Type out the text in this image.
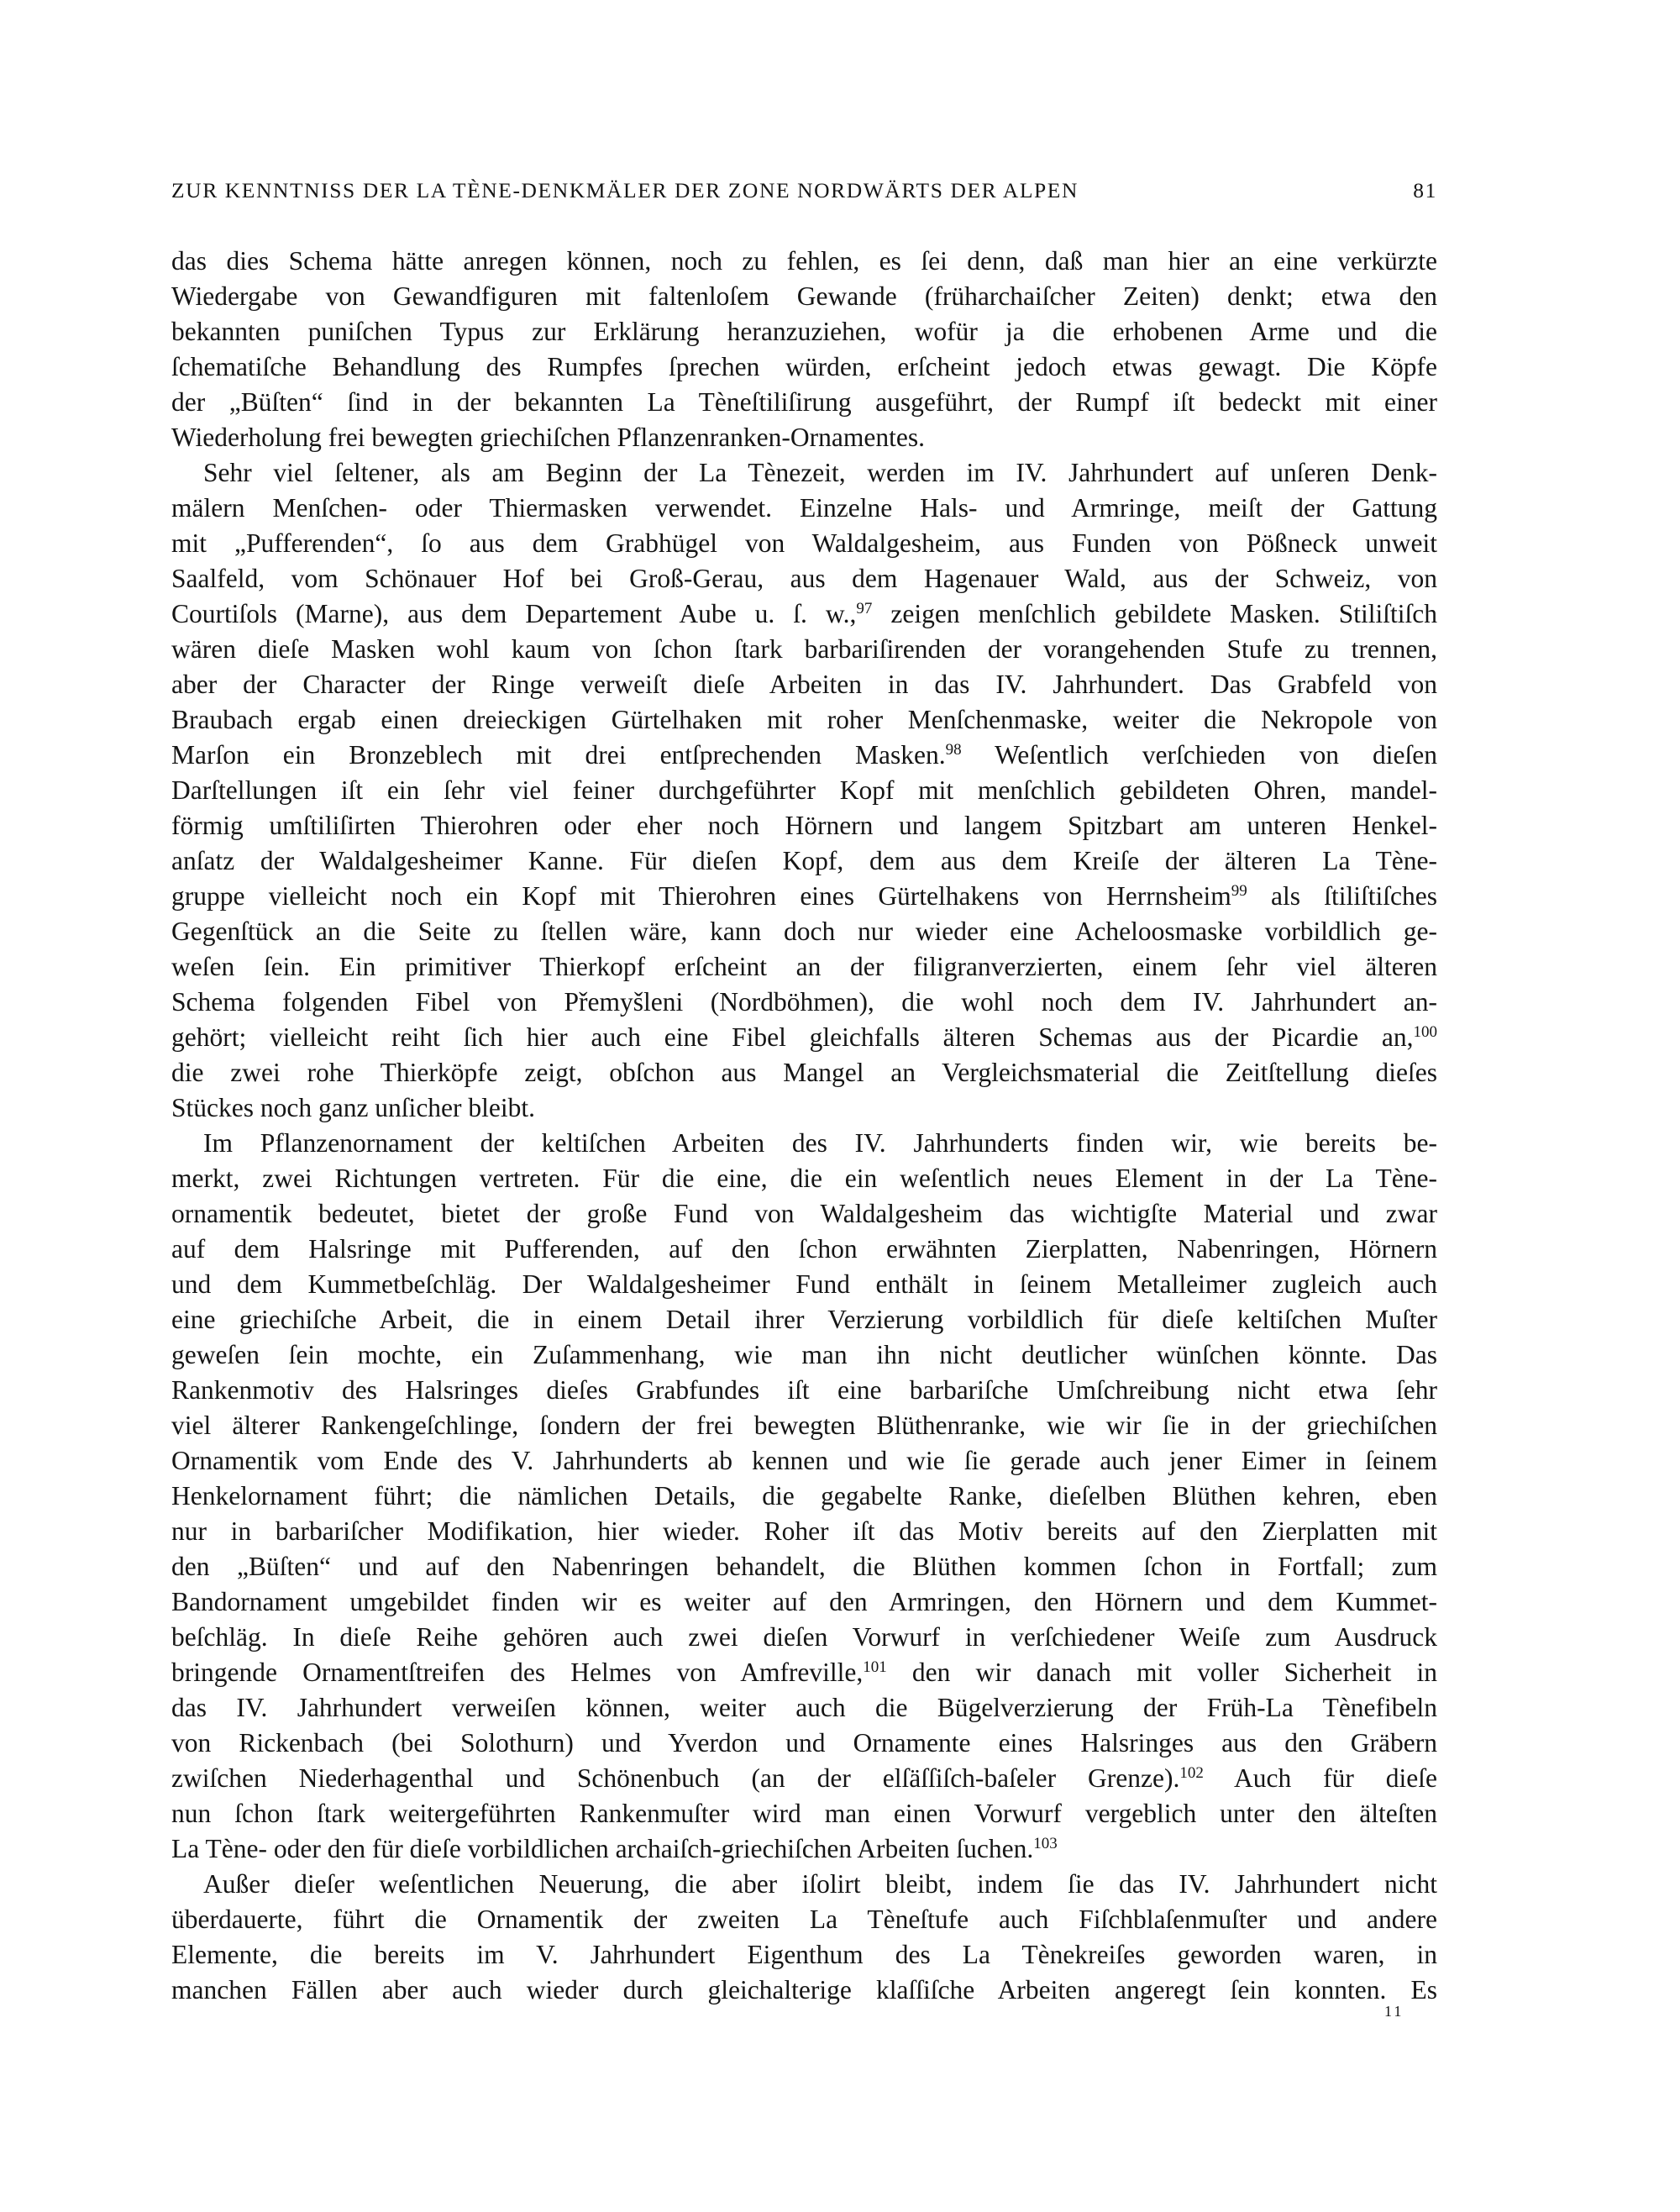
ZUR KENNTNISS DER LA TÈNE-DENKMÄLER DER ZONE NORDWÄRTS DER ALPEN	81
das dies Schema hätte anregen können, noch zu fehlen, es ſei denn, daß man hier an eine verkürzte
Wiedergabe von Gewandfiguren mit faltenloſem Gewande (früharchaiſcher Zeiten) denkt; etwa den
bekannten puniſchen Typus zur Erklärung heranzuziehen, wofür ja die erhobenen Arme und die
ſchematiſche Behandlung des Rumpfes ſprechen würden, erſcheint jedoch etwas gewagt. Die Köpfe
der „Büſten“ ſind in der bekannten La Tèneſtiliſirung ausgeführt, der Rumpf iſt bedeckt mit einer
Wiederholung frei bewegten griechiſchen Pflanzenranken-Ornamentes.
Sehr viel ſeltener, als am Beginn der La Tènezeit, werden im IV. Jahrhundert auf unſeren Denk-
mälern Menſchen- oder Thiermasken verwendet. Einzelne Hals- und Armringe, meiſt der Gattung
mit „Pufferenden“, ſo aus dem Grabhügel von Waldalgesheim, aus Funden von Pößneck unweit
Saalfeld, vom Schönauer Hof bei Groß-Gerau, aus dem Hagenauer Wald, aus der Schweiz, von
Courtiſols (Marne), aus dem Departement Aube u. ſ. w.,$^{97}$ zeigen menſchlich gebildete Masken. Stiliſtiſch
wären dieſe Masken wohl kaum von ſchon ſtark barbariſirenden der vorangehenden Stufe zu trennen,
aber der Character der Ringe verweiſt dieſe Arbeiten in das IV. Jahrhundert. Das Grabfeld von
Braubach ergab einen dreieckigen Gürtelhaken mit roher Menſchenmaske, weiter die Nekropole von
Marſon ein Bronzeblech mit drei entſprechenden Masken.$^{98}$ Weſentlich verſchieden von dieſen
Darſtellungen iſt ein ſehr viel feiner durchgeführter Kopf mit menſchlich gebildeten Ohren, mandel-
förmig umſtiliſirten Thierohren oder eher noch Hörnern und langem Spitzbart am unteren Henkel-
anſatz der Waldalgesheimer Kanne. Für dieſen Kopf, dem aus dem Kreiſe der älteren La Tène-
gruppe vielleicht noch ein Kopf mit Thierohren eines Gürtelhakens von Herrnsheim$^{99}$ als ſtiliſtiſches
Gegenſtück an die Seite zu ſtellen wäre, kann doch nur wieder eine Acheloosmaske vorbildlich ge-
weſen ſein. Ein primitiver Thierkopf erſcheint an der filigranverzierten, einem ſehr viel älteren
Schema folgenden Fibel von Přemyšleni (Nordböhmen), die wohl noch dem IV. Jahrhundert an-
gehört; vielleicht reiht ſich hier auch eine Fibel gleichfalls älteren Schemas aus der Picardie an,$^{100}$
die zwei rohe Thierköpfe zeigt, obſchon aus Mangel an Vergleichsmaterial die Zeitſtellung dieſes
Stückes noch ganz unſicher bleibt.
Im Pflanzenornament der keltiſchen Arbeiten des IV. Jahrhunderts finden wir, wie bereits be-
merkt, zwei Richtungen vertreten. Für die eine, die ein weſentlich neues Element in der La Tène-
ornamentik bedeutet, bietet der große Fund von Waldalgesheim das wichtigſte Material und zwar
auf dem Halsringe mit Pufferenden, auf den ſchon erwähnten Zierplatten, Nabenringen, Hörnern
und dem Kummetbeſchläg. Der Waldalgesheimer Fund enthält in ſeinem Metalleimer zugleich auch
eine griechiſche Arbeit, die in einem Detail ihrer Verzierung vorbildlich für dieſe keltiſchen Muſter
geweſen ſein mochte, ein Zuſammenhang, wie man ihn nicht deutlicher wünſchen könnte. Das
Rankenmotiv des Halsringes dieſes Grabfundes iſt eine barbariſche Umſchreibung nicht etwa ſehr
viel älterer Rankengeſchlinge, ſondern der frei bewegten Blüthenranke, wie wir ſie in der griechiſchen
Ornamentik vom Ende des V. Jahrhunderts ab kennen und wie ſie gerade auch jener Eimer in ſeinem
Henkelornament führt; die nämlichen Details, die gegabelte Ranke, dieſelben Blüthen kehren, eben
nur in barbariſcher Modifikation, hier wieder. Roher iſt das Motiv bereits auf den Zierplatten mit
den „Büſten“ und auf den Nabenringen behandelt, die Blüthen kommen ſchon in Fortfall; zum
Bandornament umgebildet finden wir es weiter auf den Armringen, den Hörnern und dem Kummet-
beſchläg. In dieſe Reihe gehören auch zwei dieſen Vorwurf in verſchiedener Weiſe zum Ausdruck
bringende Ornamentſtreifen des Helmes von Amfreville,$^{101}$ den wir danach mit voller Sicherheit in
das IV. Jahrhundert verweiſen können, weiter auch die Bügelverzierung der Früh-La Tènefibeln
von Rickenbach (bei Solothurn) und Yverdon und Ornamente eines Halsringes aus den Gräbern
zwiſchen Niederhagenthal und Schönenbuch (an der elſäſſiſch-baſeler Grenze).$^{102}$ Auch für dieſe
nun ſchon ſtark weitergeführten Rankenmuſter wird man einen Vorwurf vergeblich unter den älteſten
La Tène- oder den für dieſe vorbildlichen archaiſch-griechiſchen Arbeiten ſuchen.$^{103}$
Außer dieſer weſentlichen Neuerung, die aber iſolirt bleibt, indem ſie das IV. Jahrhundert nicht
überdauerte, führt die Ornamentik der zweiten La Tèneſtufe auch Fiſchblaſenmuſter und andere
Elemente, die bereits im V. Jahrhundert Eigenthum des La Tènekreiſes geworden waren, in
manchen Fällen aber auch wieder durch gleichalterige klaſſiſche Arbeiten angeregt ſein konnten. Es
11
